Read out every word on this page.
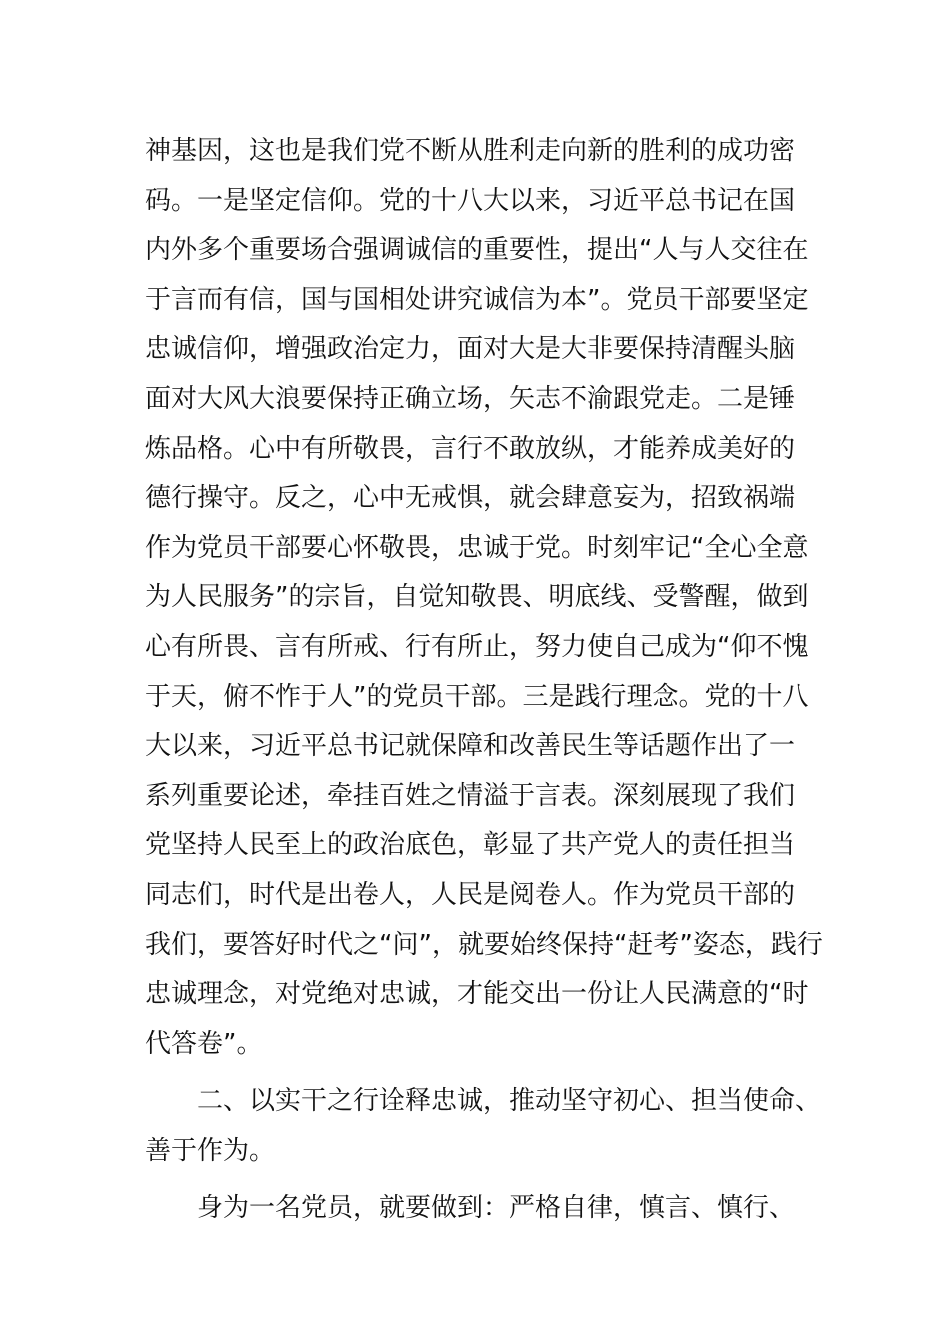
神基因，这也是我们党不断从胜利走向新的胜利的成功密
码。一是坚定信仰。党的十八大以来，习近平总书记在国
内外多个重要场合强调诚信的重要性，提出“人与人交往在
于言而有信，国与国相处讲究诚信为本”。党员干部要坚定
忠诚信仰，增强政治定力，面对大是大非要保持清醒头脑
面对大风大浪要保持正确立场，矢志不渝跟党走。二是锤
炼品格。心中有所敬畏，言行不敢放纵，才能养成美好的
德行操守。反之，心中无戒惧，就会肆意妄为，招致祸端
作为党员干部要心怀敬畏，忠诚于党。时刻牢记“全心全意
为人民服务”的宗旨，自觉知敬畏、明底线、受警醒，做到
心有所畏、言有所戒、行有所止，努力使自己成为“仰不愧
于天，俯不怍于人”的党员干部。三是践行理念。党的十八
大以来，习近平总书记就保障和改善民生等话题作出了一
系列重要论述，牵挂百姓之情溢于言表。深刻展现了我们
党坚持人民至上的政治底色，彰显了共产党人的责任担当
同志们，时代是出卷人，人民是阅卷人。作为党员干部的
我们，要答好时代之“问”，就要始终保持“赶考”姿态，践行
忠诚理念，对党绝对忠诚，才能交出一份让人民满意的“时
代答卷”。
二、以实干之行诠释忠诚，推动坚守初心、担当使命、
善于作为。
身为一名党员，就要做到：严格自律，慎言、慎行、
